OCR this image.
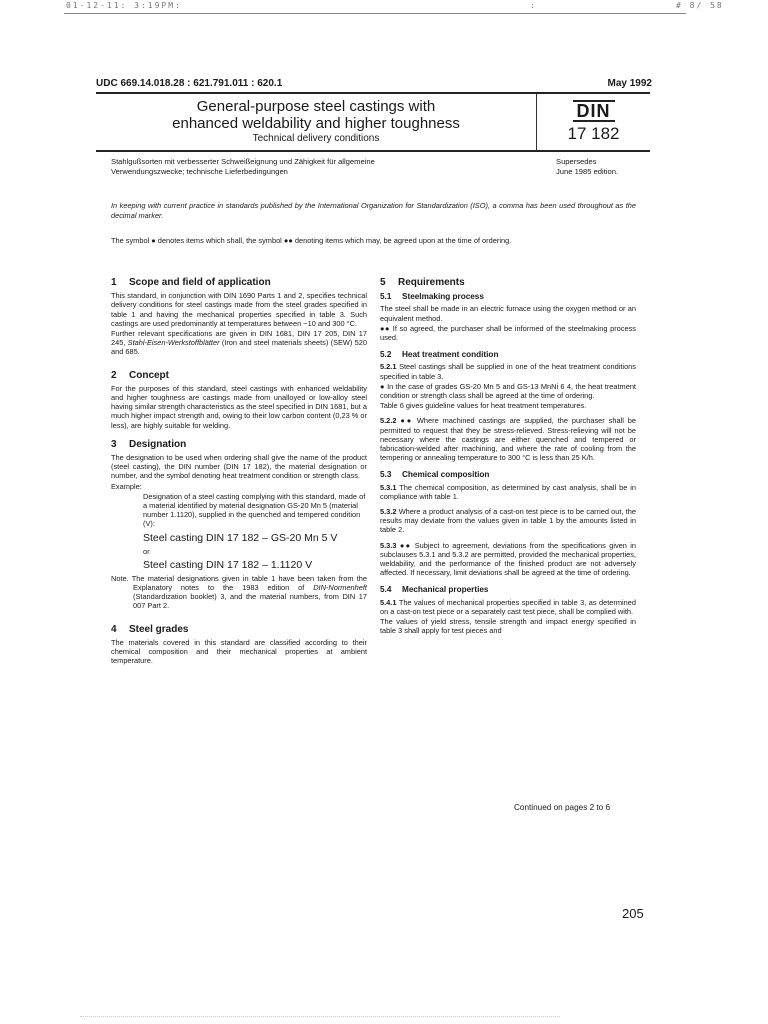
01-12-11: 3:19PM:	:	# 8/ 58
UDC 669.14.018.28 : 621.791.011 : 620.1	May 1992
General-purpose steel castings with
enhanced weldability and higher toughness
Technical delivery conditions
DIN
17 182
Stahlgußsorten mit verbesserter Schweißeignung und Zähigkeit für allgemeine
Verwendungszwecke; technische Lieferbedingungen
Supersedes
June 1985 edition.
In keeping with current practice in standards published by the International Organization for Standardization (ISO), a comma has been used throughout as the decimal marker.
The symbol ● denotes items which shall, the symbol ●● denoting items which may, be agreed upon at the time of ordering.
1 Scope and field of application

This standard, in conjunction with DIN 1690 Parts 1 and 2, specifies technical delivery conditions for steel castings made from the steel grades specified in table 1 and having the mechanical properties specified in table 3. Such castings are used predominantly at temperatures between −10 and 300 °C.

Further relevant specifications are given in DIN 1681, DIN 17 205, DIN 17 245, Stahl-Eisen-Werkstoffblätter (Iron and steel materials sheets) (SEW) 520 and 685.

2 Concept

For the purposes of this standard, steel castings with enhanced weldability and higher toughness are castings made from unalloyed or low-alloy steel having similar strength characteristics as the steel specified in DIN 1681, but a much higher impact strength and, owing to their low carbon content (0,23 % or less), are highly suitable for welding.

3 Designation

The designation to be used when ordering shall give the name of the product (steel casting), the DIN number (DIN 17 182), the material designation or number, and the symbol denoting heat treatment condition or strength class.

Example:

Designation of a steel casting complying with this standard, made of a material identified by material designation GS-20 Mn 5 (material number 1.1120), supplied in the quenched and tempered condition (V):

Steel casting DIN 17 182 – GS-20 Mn 5 V
or
Steel casting DIN 17 182 – 1.1120 V

Note. The material designations given in table 1 have been taken from the Explanatory notes to the 1983 edition of DIN-Normenheft (Standardization booklet) 3, and the material numbers, from DIN 17 007 Part 2.

4 Steel grades

The materials covered in this standard are classified according to their chemical composition and their mechanical properties at ambient temperature.

5 Requirements
5.1 Steelmaking process

The steel shall be made in an electric furnace using the oxygen method or an equivalent method.

●● If so agreed, the purchaser shall be informed of the steelmaking process used.

5.2 Heat treatment condition

5.2.1 Steel castings shall be supplied in one of the heat treatment conditions specified in table 3.

● In the case of grades GS-20 Mn 5 and GS-13 MnNi 6 4, the heat treatment condition or strength class shall be agreed at the time of ordering.

Table 6 gives guideline values for heat treatment temperatures.

5.2.2 ●● Where machined castings are supplied, the purchaser shall be permitted to request that they be stress-relieved. Stress-relieving will not be necessary where the castings are either quenched and tempered or fabrication-welded after machining, and where the rate of cooling from the tempering or annealing temperature to 300 °C is less than 25 K/h.

5.3 Chemical composition

5.3.1 The chemical composition, as determined by cast analysis, shall be in compliance with table 1.

5.3.2 Where a product analysis of a cast-on test piece is to be carried out, the results may deviate from the values given in table 1 by the amounts listed in table 2.

5.3.3 ●● Subject to agreement, deviations from the specifications given in subclauses 5.3.1 and 5.3.2 are permitted, provided the mechanical properties, weldability, and the performance of the finished product are not adversely affected. If necessary, limit deviations shall be agreed at the time of ordering.

5.4 Mechanical properties

5.4.1 The values of mechanical properties specified in table 3, as determined on a cast-on test piece or a separately cast test piece, shall be complied with.

The values of yield stress, tensile strength and impact energy specified in table 3 shall apply for test pieces and

Continued on pages 2 to 6
205
